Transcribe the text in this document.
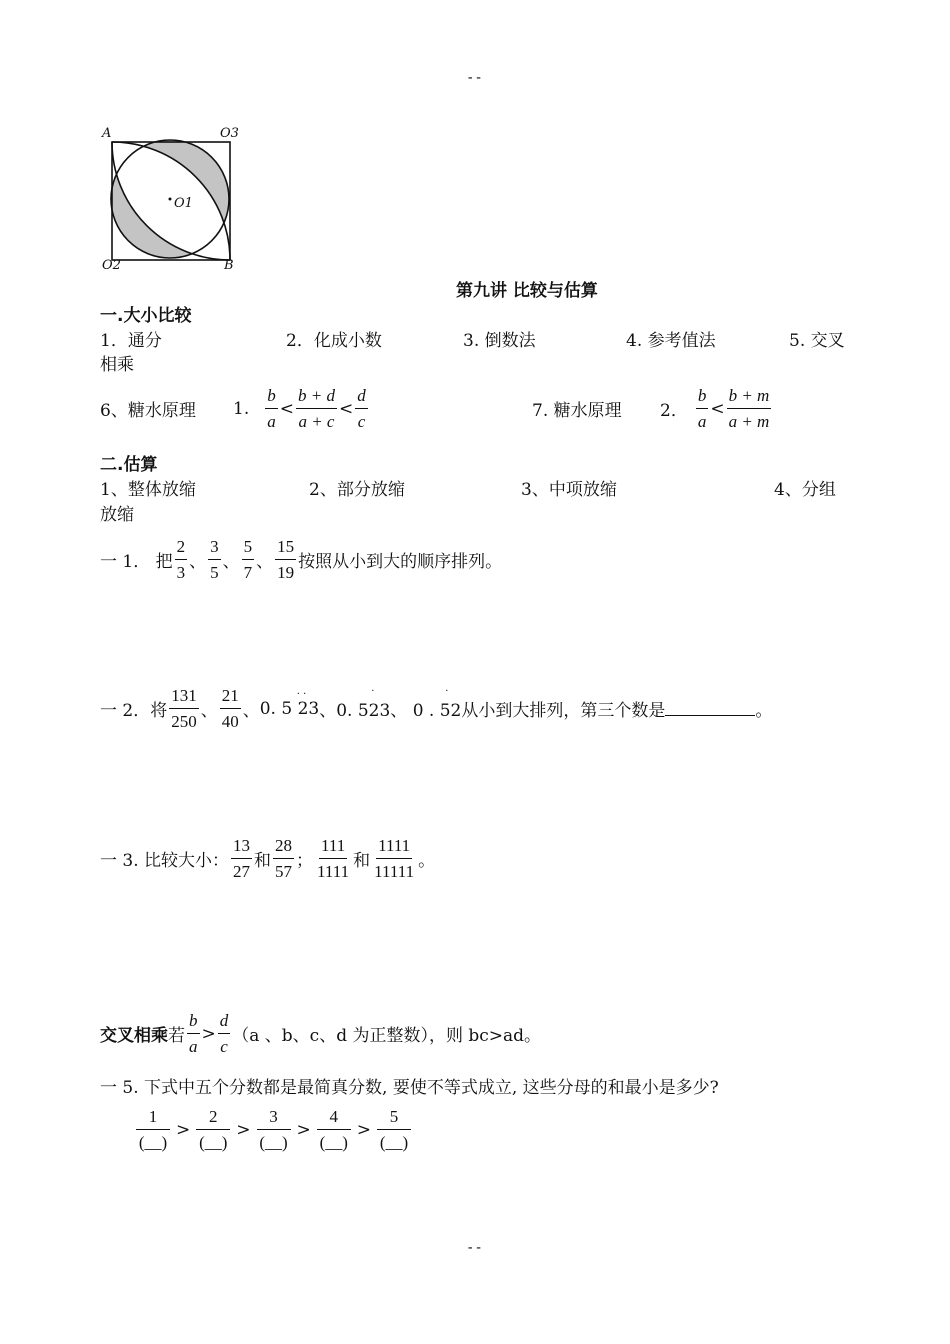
--
--
A	O3
O1
O2	B
第九讲 比较与估算
一.大小比较
1．通分	2．化成小数	3. 倒数法	4. 参考值法	5. 交叉
相乘
6、糖水原理 1. $\frac{b}{a} < \frac{b + d}{a + c} < \frac{d}{c}$	7. 糖水原理 2． $\frac{b}{a} < \frac{b + m}{a + m}$
二.估算
1、整体放缩	2、部分放缩	3、中项放缩	4、分组
放缩
一 1． 把 $\frac{2}{3}$ 、 $\frac{3}{5}$ 、 $\frac{5}{7}$ 、 $\frac{15}{19}$ 按照从小到大的顺序排列。
一 2．将 $\frac{131}{250}$ 、 $\frac{21}{40}$ 、 0. 5 23
· ·
、0. 523
·
、 0 . 52
·
从小到大排列，第三个数是	。
一 3. 比较大小： $\frac{13}{27}$ 和 $\frac{28}{57}$ ； $\frac{111}{1111}$ 和 $\frac{1111}{11111}$ 。
交叉相乘 若 $\frac{b}{a} > \frac{d}{c} (a$ 、b、c、d 为正整数），则 bc>ad。
一 5. 下式中五个分数都是最简真分数, 要使不等式成立, 这些分母的和最小是多少?
$\frac{1}{(\_\_)} > \frac{2}{(\_\_)} > \frac{3}{(\_\_)} > \frac{4}{(\_\_)} > \frac{5}{(\_\_)}$
